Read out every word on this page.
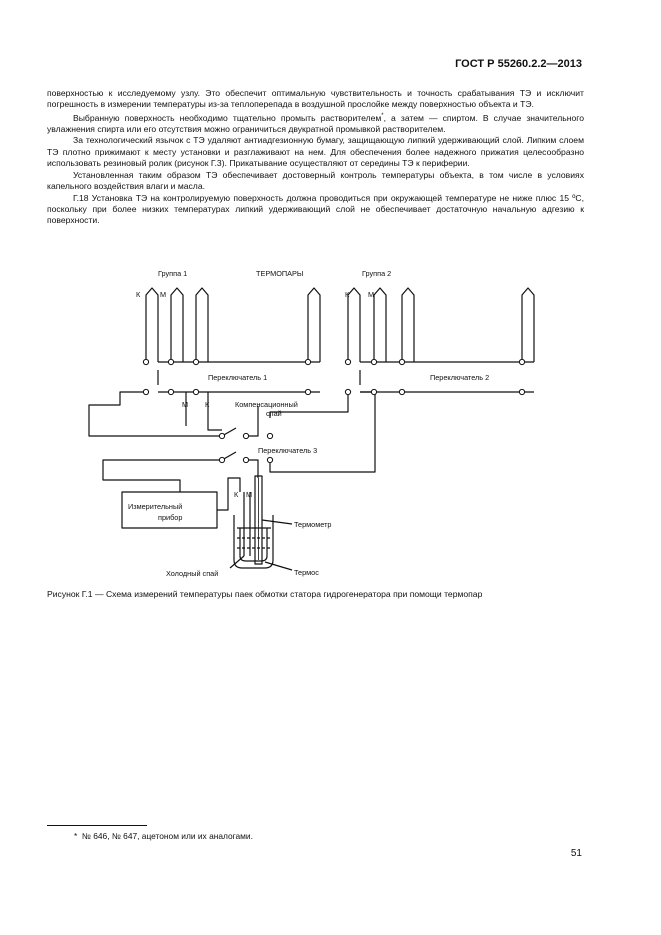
ГОСТ Р 55260.2.2—2013

поверхностью к исследуемому узлу. Это обеспечит оптимальную чувствительность и точность срабатывания ТЭ и исключит погрешность в измерении температуры из-за теплоперепада в воздушной прослойке между поверхностью объекта и ТЭ.

Выбранную поверхность необходимо тщательно промыть растворителем*, а затем — спиртом. В случае значительного увлажнения спирта или его отсутствия можно ограничиться двукратной промывкой растворителем.

За технологический язычок с ТЭ удаляют антиадгезионную бумагу, защищающую липкий удерживающий слой. Липким слоем ТЭ плотно прижимают к месту установки и разглаживают на нем. Для обеспечения более надежного прижатия целесообразно использовать резиновый ролик (рисунок Г.3). Прикатывание осуществляют от середины ТЭ к периферии.

Установленная таким образом ТЭ обеспечивает достоверный контроль температуры объекта, в том числе в условиях капельного воздействия влаги и масла.

Г.18 Установка ТЭ на контролируемую поверхность должна проводиться при окружающей температуре не ниже плюс 15 ºС, поскольку при более низких температурах липкий удерживающий слой не обеспечивает достаточную начальную адгезию к поверхности.

Группа 1	ТЕРМОПАРЫ	Группа 2
К	М	К	М
Переключатель 1	Переключатель 2
М К	Компенсационный
спай
Переключатель 3
К М
Измерительный
прибор
Термометр
Холодный спай	Термос
Рисунок Г.1 — Схема измерений температуры паек обмотки статора гидрогенератора при помощи термопар
* № 646, № 647, ацетоном или их аналогами.
51
